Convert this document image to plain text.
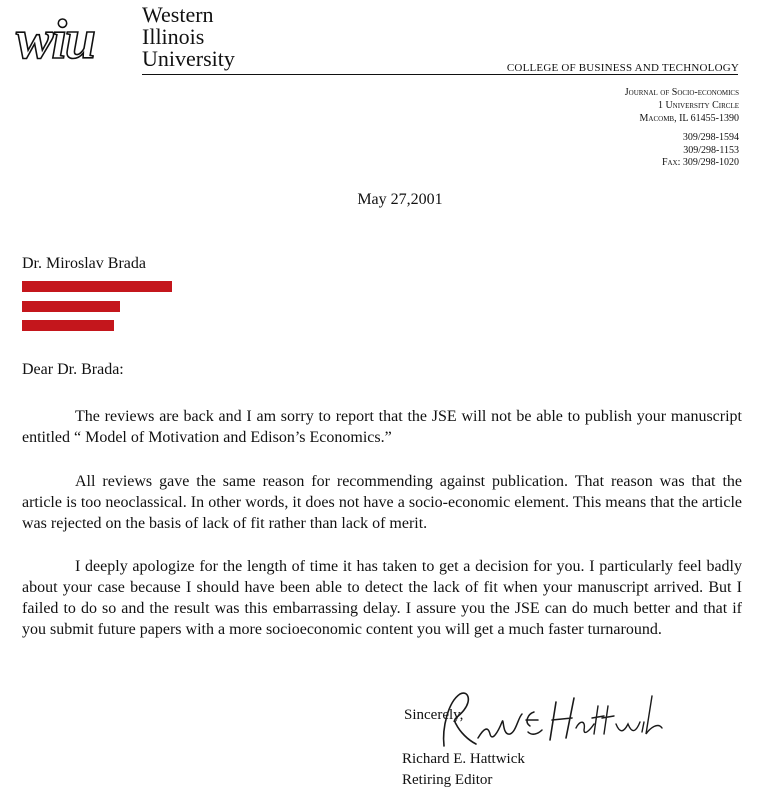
wiu Western
Illinois
University	COLLEGE OF BUSINESS AND TECHNOLOGY
Journal of Socio-economics
1 University Circle
Macomb, IL 61455-1390
309/298-1594
309/298-1153
Fax: 309/298-1020
May 27,2001
Dr. Miroslav Brada
Dear Dr. Brada:
The reviews are back and I am sorry to report that the JSE will not be able to publish your manuscript entitled “ Model of Motivation and Edison’s Economics.”
All reviews gave the same reason for recommending against publication. That reason was that the article is too neoclassical. In other words, it does not have a socio-economic element. This means that the article was rejected on the basis of lack of fit rather than lack of merit.
I deeply apologize for the length of time it has taken to get a decision for you. I particularly feel badly about your case because I should have been able to detect the lack of fit when your manuscript arrived. But I failed to do so and the result was this embarrassing delay. I assure you the JSE can do much better and that if you submit future papers with a more socioeconomic content you will get a much faster turnaround.
Sincerely,
Richard E. Hattwick
Retiring Editor
